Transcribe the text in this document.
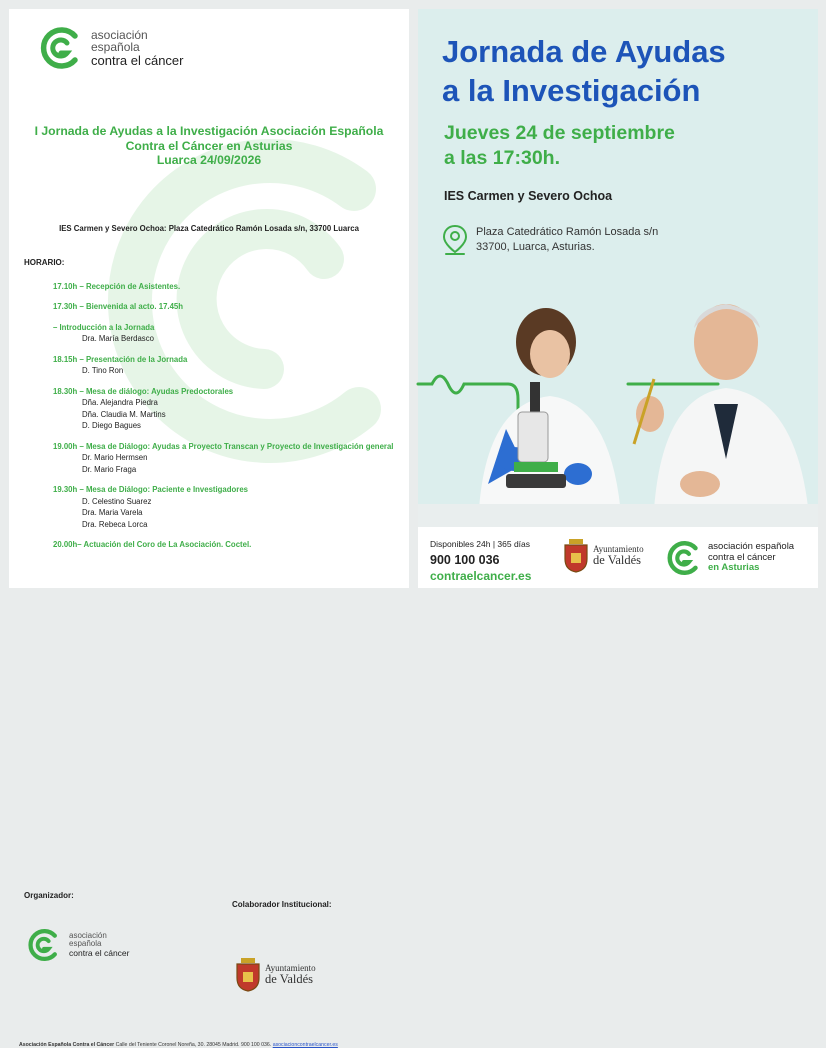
asociación
española
contra el cáncer
I Jornada de Ayudas a la Investigación Asociación Española
Contra el Cáncer en Asturias
Luarca 24/09/2026
IES Carmen y Severo Ochoa: Plaza Catedrático Ramón Losada s/n, 33700 Luarca
HORARIO:
17.10h – Recepción de Asistentes.
17.30h – Bienvenida al acto. 17.45h
– Introducción a la Jornada
Dra. María Berdasco
18.15h – Presentación de la Jornada
D. Tino Ron
18.30h – Mesa de diálogo: Ayudas Predoctorales
Dña. Alejandra Piedra
Dña. Claudia M. Martins
D. Diego Bagues
19.00h – Mesa de Diálogo: Ayudas a Proyecto Transcan y Proyecto de Investigación general
Dr. Mario Hermsen
Dr. Mario Fraga
19.30h – Mesa de Diálogo: Paciente e Investigadores
D. Celestino Suarez
Dra. Maria Varela
Dra. Rebeca Lorca
20.00h– Actuación del Coro de La Asociación. Coctel.
Organizador:
Colaborador Institucional:
asociación
española
contra el cáncer
Ayuntamiento
de Valdés
Asociación Española Contra el Cáncer Calle del Teniente Coronel Noreña, 30. 28045 Madrid. 900 100 036. asociacioncontraelcancer.es
Jornada de Ayudas
a la Investigación
Jueves 24 de septiembre
a las 17:30h.
IES Carmen y Severo Ochoa
Plaza Catedrático Ramón Losada s/n
33700, Luarca, Asturias.
Disponibles 24h | 365 días
900 100 036
contraelcancer.es
Ayuntamiento
de Valdés
asociación española
contra el cáncer
en Asturias
